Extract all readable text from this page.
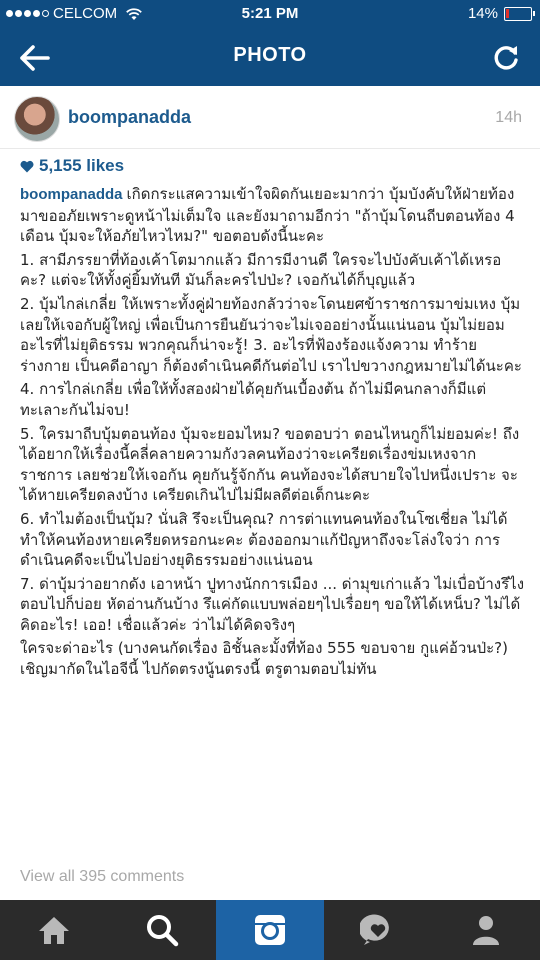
CELCOM	5:21 PM	14%
PHOTO
boompanadda	14h
5,155 likes

boompanadda เกิดกระแสความเข้าใจผิดกันเยอะมากว่า บุ้มบังคับให้ฝ่ายท้องมาขออภัยเพราะดูหน้าไม่เต็มใจ และยังมาถามอีกว่า "ถ้าบุ้มโดนถีบตอนท้อง 4 เดือน บุ้มจะให้อภัยไหวไหม?" ขอตอบดังนี้นะคะ

1. สามีภรรยาที่ท้องเค้าโตมากแล้ว มีการมีงานดี ใครจะไปบังคับเค้าได้เหรอคะ? แต่จะให้ทั้งคู่ยิ้มทันที มันก็ละครไปป่ะ? เจอกันได้ก็บุญแล้ว

2. บุ้มไกล่เกลี่ย ให้เพราะทั้งคู่ฝ่ายท้องกลัวว่าจะโดนยศข้าราชการมาข่มเหง บุ้มเลยให้เจอกับผู้ใหญ่ เพื่อเป็นการยืนยันว่าจะไม่เจออย่างนั้นแน่นอน บุ้มไม่ยอมอะไรที่ไม่ยุติธรรม พวกคุณก็น่าจะรู้! 3. อะไรที่ฟ้องร้องแจ้งความ ทำร้ายร่างกาย เป็นคดีอาญา ก็ต้องดำเนินคดีกันต่อไป เราไปขวางกฎหมายไม่ได้นะคะ

4. การไกล่เกลี่ย เพื่อให้ทั้งสองฝ่ายได้คุยกันเบื้องต้น ถ้าไม่มีคนกลางก็มีแต่ทะเลาะกันไม่จบ!

5. ใครมาถีบบุ้มตอนท้อง บุ้มจะยอมไหม? ขอตอบว่า ตอนไหนกูก็ไม่ยอมค่ะ! ถึงได้อยากให้เรื่องนี้คลี่คลายความกังวลคนท้องว่าจะเครียดเรื่องข่มเหงจากราชการ เลยช่วยให้เจอกัน คุยกันรู้จักกัน คนท้องจะได้สบายใจไปหนึ่งเปราะ จะได้หายเครียดลงบ้าง เครียดเกินไปไม่มีผลดีต่อเด็กนะคะ

6. ทำไมต้องเป็นบุ้ม? นั่นสิ รึจะเป็นคุณ? การต่าแทนคนท้องในโซเชี่ยล ไม่ได้ทำให้คนท้องหายเครียดหรอกนะคะ ต้องออกมาแก้ปัญหาถึงจะโล่งใจว่า การดำเนินคดีจะเป็นไปอย่างยุติธรรมอย่างแน่นอน

7. ด่าบุ้มว่าอยากดัง เอาหน้า ปูทางนักการเมือง ... ด่ามุขเก่าแล้ว ไม่เบื่อบ้างรึไง ตอบไปก็บ่อย หัดอ่านกันบ้าง รึแค่กัดแบบพล่อยๆไปเรื่อยๆ ขอให้ได้เหน็บ? ไม่ได้คิดอะไร! เออ! เชื่อแล้วค่ะ ว่าไม่ได้คิดจริงๆ

ใครจะด่าอะไร (บางคนกัดเรื่อง อิชั้นละมั้งที่ท้อง 555 ขอบจาย กูแค่อ้วนป่ะ?) เชิญมากัดในไอจีนี้ ไปกัดตรงนู้นตรงนี้ ตรูตามตอบไม่ทัน

View all 395 comments
